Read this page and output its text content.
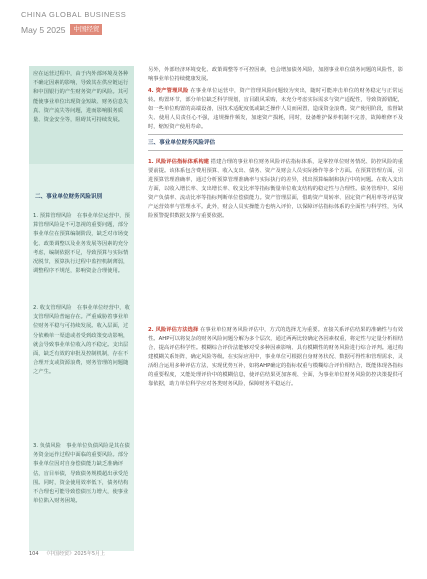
CHINA GLOBAL BUSINESS
May 5 2025	中国经贸
应在运营过程中，由于内外部环境及各种不确定因素的影响，导致其在供应链运行和中国银行的产生财务资产的风险。其可能使事业单位出现资金短缺、财务信息失真、资产流失等问题，进而影响服务质量、资金安全等，阻碍其可持续发展。
二、事业单位财务风险识别
1. 预算管理风险　在事业单位运营中，预算管理风险是不可忽视的重要问题，部分事业单位在预算编制阶段，缺乏对市场变化、政策调整以及业务发展等因素的充分考虑，编制依据不足，导致预算与实际情况脱节，预算执行过程中监控机制薄弱，调整程序不规范，影响资金合理使用。
2. 收支管理风险　在事业单位经营中，收支管理风险普遍存在。严重威胁着事业单位财务平稳与可持续发展。收入层面，过分依赖单一渠道或者受到政策变动影响，就会导致事业单位收入的不稳定。支出层面，缺乏有效的审批及控制机制，存在不合理开支或资源浪费，财务管理的问题随之产生。
3. 负债风险　事业单位负债风险是其在债务资金运作过程中面临的重要风险。部分事业单位因对自身偿债能力缺乏准确评估，盲目举债，导致债务规模超出承受范围。同时，资金使用效率低下，债务结构不合理也可能导致偿债压力增大，使事业单位陷入财务困境。
另外，外部经济环境变化、政策调整等不可控因素，也会增加债务风险，加剧事业单位债务问题的风险性，影响事业单位持续健康发展。
4. 资产管理风险 在事业单位运营中，资产管理风险问题较为突出，随时可能冲击单位的财务稳定与正常运转。购置环节，部分单位缺乏科学规划，盲目跟风采购，未充分考虑实际需求与资产适配性，导致资源错配，如一些单位购置的高端设备，因技术适配度低或缺乏操作人员而闲置，造成资金浪费。资产使用阶段，监督缺失、使用人员责任心不强，违规操作频发，加速资产损耗，同时，设备维护保养机制不完善，故障维修不及时，缩短资产使用寿命。
三、事业单位财务风险评估
1. 风险评估指标体系构建 搭建合理的事业单位财务风险评估指标体系，是掌控单位财务情况、防控风险的重要前提。该体系包含费用预算、收入支出、债务、资产及财会人员实际操作等多个方面。在预算管理方面，引进预算管理准确率，通过分析预算管理准确率与实际执行的差异，找出预算编制和执行中的问题。在收入支出方面，以收入增长率、支出增长率、收支比率等指标衡量单位收支结构的稳定性与合理性。债务管理中，采用资产负债率、流动比率等指标判断单位偿债能力。资产管理层面，借助资产周转率、固定资产利用率等评估资产运营效率与管理水平。此外，财会人员实操能力也纳入评价，以保障评估指标体系的全面性与科学性，为风险预警提供数据支撑与重要依据。
2. 风险评估方法选择 在事业单位财务风险评估中，方式的选择尤为重要。直接关系评估结果的准确性与有效性。AHP可以将复杂的财务风险问题分解为多个层次，通过两两比较确定各因素权重，将定性与定量分析相结合，提高评估科学性。模糊综合评价法能够对受多种因素影响、具有模糊性的财务风险进行综合评判。通过构建模糊关系矩阵，确定风险等级。在实际应用中，事业单位可根据自身财务状况、数据可得性和管理需求，灵活组合运用多种评估方法，实现优势互补，如将AHP确定的指标权重与模糊综合评价相结合，既能体现各指标的重要程度，又能处理评价中的模糊信息，使评估结果更加客观、全面，为事业单位财务风险防控决策提供可靠依据，助力单位科学应对各类财务风险，保障财务平稳运行。
104 《中国经贸》2025年5月上
